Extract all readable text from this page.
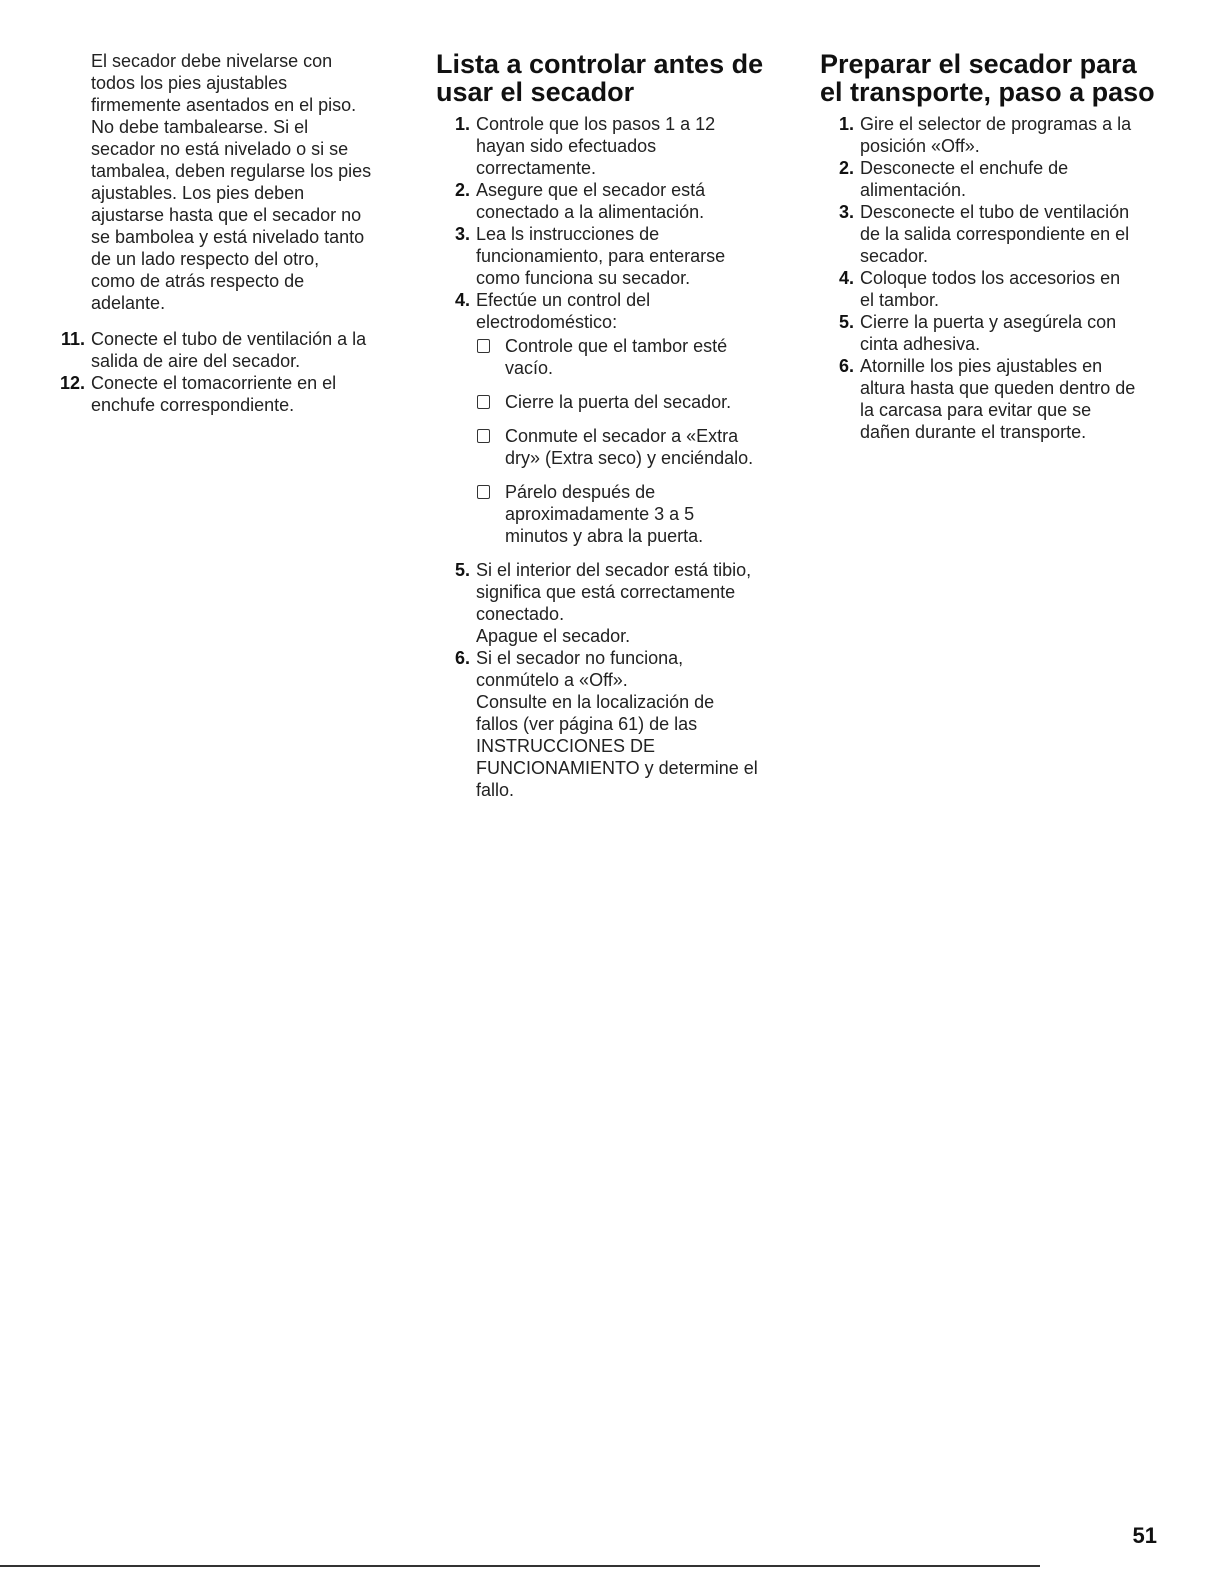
El secador debe nivelarse con
todos los pies ajustables
firmemente asentados en el piso.
No debe tambalearse. Si el
secador no está nivelado o si se
tambalea, deben regularse los pies
ajustables. Los pies deben
ajustarse hasta que el secador no
se bambolea y está nivelado tanto
de un lado respecto del otro,
como de atrás respecto de
adelante.

11. Conecte el tubo de ventilación a la
salida de aire del secador.
12. Conecte el tomacorriente en el
enchufe correspondiente.
Lista a controlar antes de
usar el secador
1. Controle que los pasos 1 a 12
hayan sido efectuados
correctamente.
2. Asegure que el secador está
conectado a la alimentación.
3. Lea ls instrucciones de
funcionamiento, para enterarse
como funciona su secador.
4. Efectúe un control del
electrodoméstico:
Controle que el tambor esté
vacío.
Cierre la puerta del secador.
Conmute el secador a «Extra
dry» (Extra seco) y enciéndalo.
Párelo después de
aproximadamente 3 a 5
minutos y abra la puerta.
5. Si el interior del secador está tibio,
significa que está correctamente
conectado.
Apague el secador.
6. Si el secador no funciona,
conmútelo a «Off».
Consulte en la localización de
fallos (ver página 61) de las
INSTRUCCIONES DE
FUNCIONAMIENTO y determine el
fallo.
Preparar el secador para
el transporte, paso a paso
1. Gire el selector de programas a la
posición «Off».
2. Desconecte el enchufe de
alimentación.
3. Desconecte el tubo de ventilación
de la salida correspondiente en el
secador.
4. Coloque todos los accesorios en
el tambor.
5. Cierre la puerta y asegúrela con
cinta adhesiva.
6. Atornille los pies ajustables en
altura hasta que queden dentro de
la carcasa para evitar que se
dañen durante el transporte.
51
